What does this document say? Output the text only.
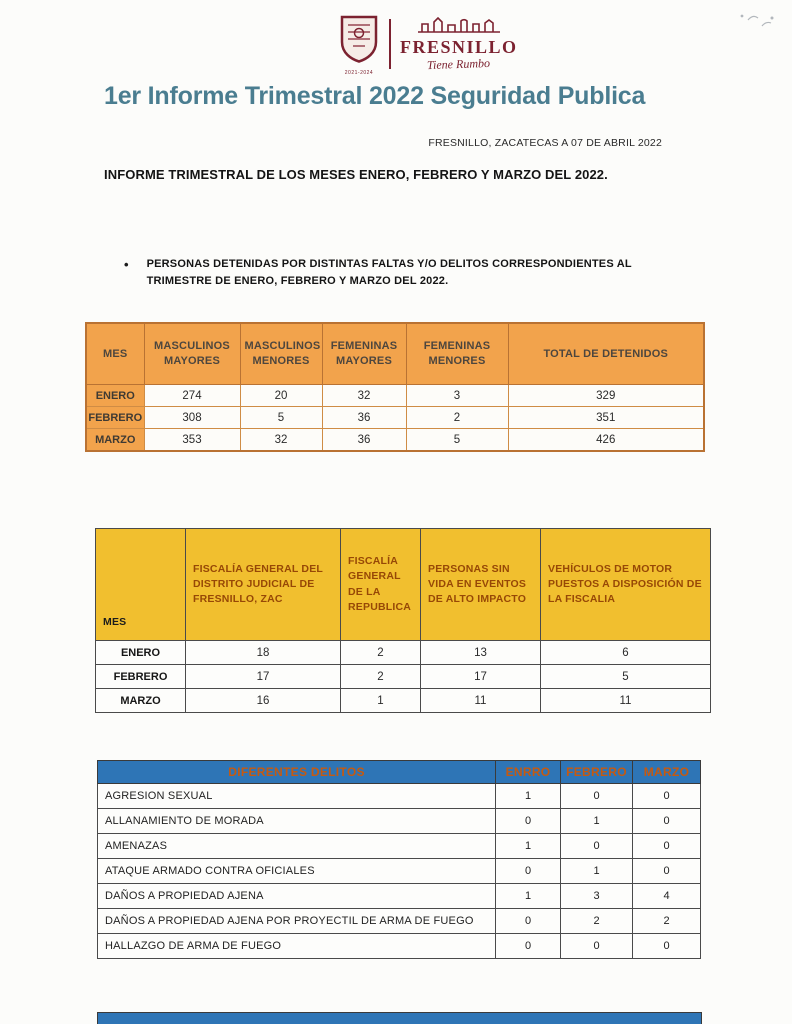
2021-2024
FRESNILLO
Tiene Rumbo
1er Informe Trimestral 2022 Seguridad Publica
FRESNILLO, ZACATECAS A 07 DE ABRIL 2022
INFORME TRIMESTRAL DE LOS MESES ENERO, FEBRERO Y MARZO DEL 2022.
• PERSONAS DETENIDAS POR DISTINTAS FALTAS Y/O DELITOS CORRESPONDIENTES AL TRIMESTRE DE ENERO, FEBRERO Y MARZO DEL 2022.
MES	MASCULINOS MAYORES	MASCULINOS MENORES	FEMENINAS MAYORES	FEMENINAS MENORES	TOTAL DE DETENIDOS
ENERO	274	20	32	3	329
FEBRERO	308	5	36	2	351
MARZO	353	32	36	5	426
MES	FISCALÍA GENERAL DEL DISTRITO JUDICIAL DE FRESNILLO, ZAC	FISCALÍA GENERAL DE LA REPUBLICA	PERSONAS SIN VIDA EN EVENTOS DE ALTO IMPACTO	VEHÍCULOS DE MOTOR PUESTOS A DISPOSICIÓN DE LA FISCALIA
ENERO	18	2	13	6
FEBRERO	17	2	17	5
MARZO	16	1	11	11
DIFERENTES DELITOS	ENRRO	FEBRERO	MARZO
AGRESION SEXUAL	1	0	0
ALLANAMIENTO DE MORADA	0	1	0
AMENAZAS	1	0	0
ATAQUE ARMADO CONTRA OFICIALES	0	1	0
DAÑOS A PROPIEDAD AJENA	1	3	4
DAÑOS A PROPIEDAD AJENA POR PROYECTIL DE ARMA DE FUEGO	0	2	2
HALLAZGO DE ARMA DE FUEGO	0	0	0
